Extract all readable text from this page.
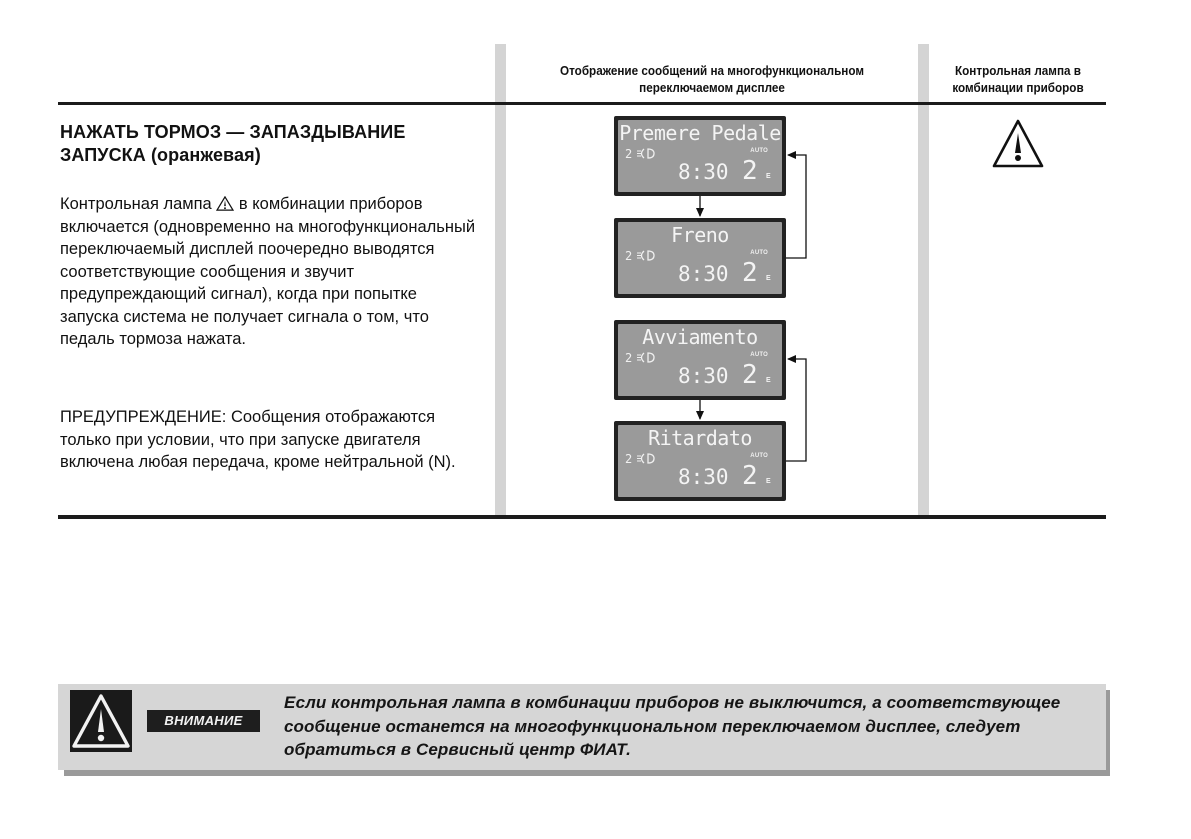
Отображение сообщений на многофункциональном переключаемом дисплее
Контрольная лампа в комбинации приборов
НАЖАТЬ ТОРМОЗ — ЗАПАЗДЫВАНИЕ ЗАПУСКА (оранжевая)
Контрольная лампа  в комбинации приборов включается (одновременно на многофункциональный переключаемый дисплей поочередно выводятся соответствующие сообщения и звучит предупреждающий сигнал), когда при попытке запуска система не получает сигнала о том, что педаль тормоза нажата.
ПРЕДУПРЕЖДЕНИЕ: Сообщения отображаются только при условии, что при запуске двигателя включена любая передача, кроме нейтральной (N).
Premere Pedale
2	AUTO
8:30 2 E
Freno
2	AUTO
8:30 2 E
Avviamento
2	AUTO
8:30 2 E
Ritardato
2	AUTO
8:30 2 E
ВНИМАНИЕ
Если контрольная лампа в комбинации приборов не выключится, а соответствующее сообщение останется на многофункциональном переключаемом дисплее, следует обратиться в Сервисный центр ФИАТ.
